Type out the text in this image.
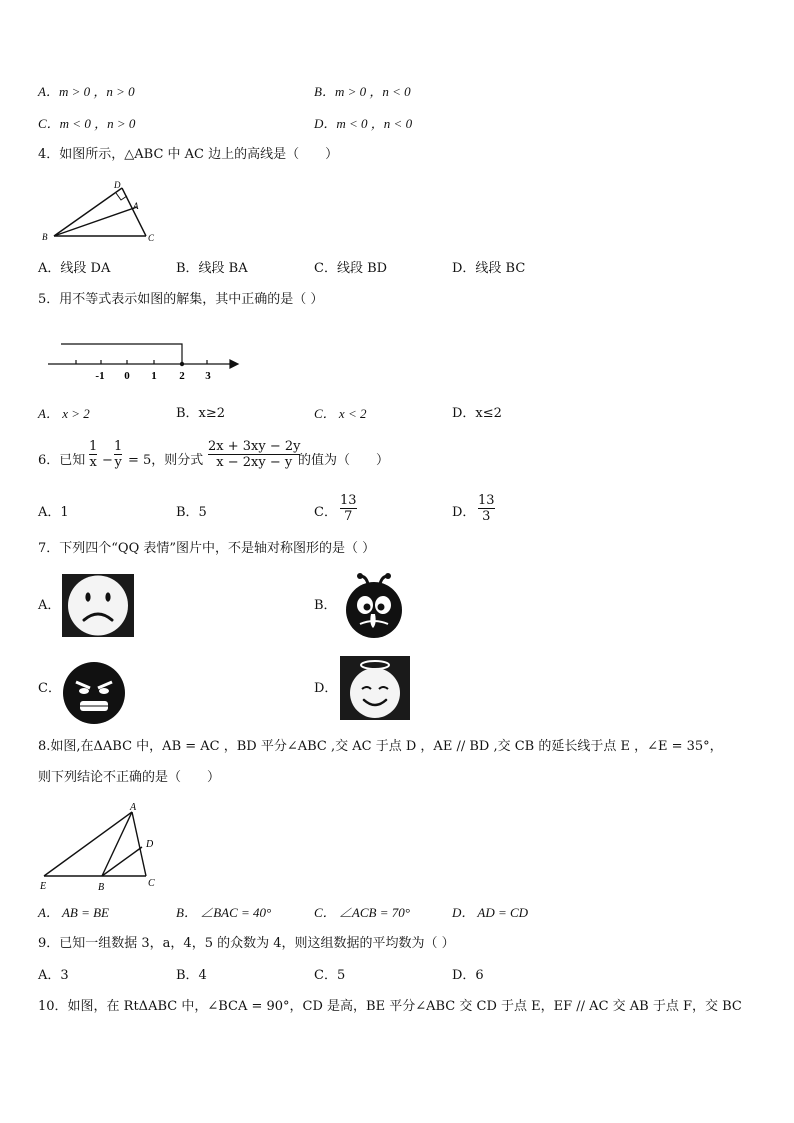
A．m > 0 ，n > 0	B．m > 0 ，n < 0
C．m < 0 ，n > 0	D．m < 0 ，n < 0
4．如图所示，△ABC 中 AC 边上的高线是（　　）
D
A
B	C
A．线段 DA	B．线段 BA	C．线段 BD	D．线段 BC
5．用不等式表示如图的解集，其中正确的是（ ）
-1 0 1 2 3
A． x > 2	B．x≥2	C． x < 2	D．x≤2
6．已知
1
x −
1
y = 5，则分式
2x + 3xy − 2y
x − 2xy − y 的值为（　　）
A．1	B．5	C．
13
7	D．
13
3
7．下列四个“QQ 表情”图片中，不是轴对称图形的是（ ）
A．	B．
C．	D．
8.如图,在ΔABC 中，AB = AC ，BD 平分∠ABC ,交 AC 于点 D ，AE // BD ,交 CB 的延长线于点 E ，∠E = 35°，
则下列结论不正确的是（　　）
A
D
E	B	C
A． AB = BE	B． ∠BAC = 40°	C． ∠ACB = 70°	D． AD = CD
9．已知一组数据 3，a，4，5 的众数为 4，则这组数据的平均数为（ ）
A．3	B．4	C．5	D．6
10．如图，在 RtΔABC 中，∠BCA = 90°，CD 是高，BE 平分∠ABC 交 CD 于点 E，EF // AC 交 AB 于点 F，交 BC
